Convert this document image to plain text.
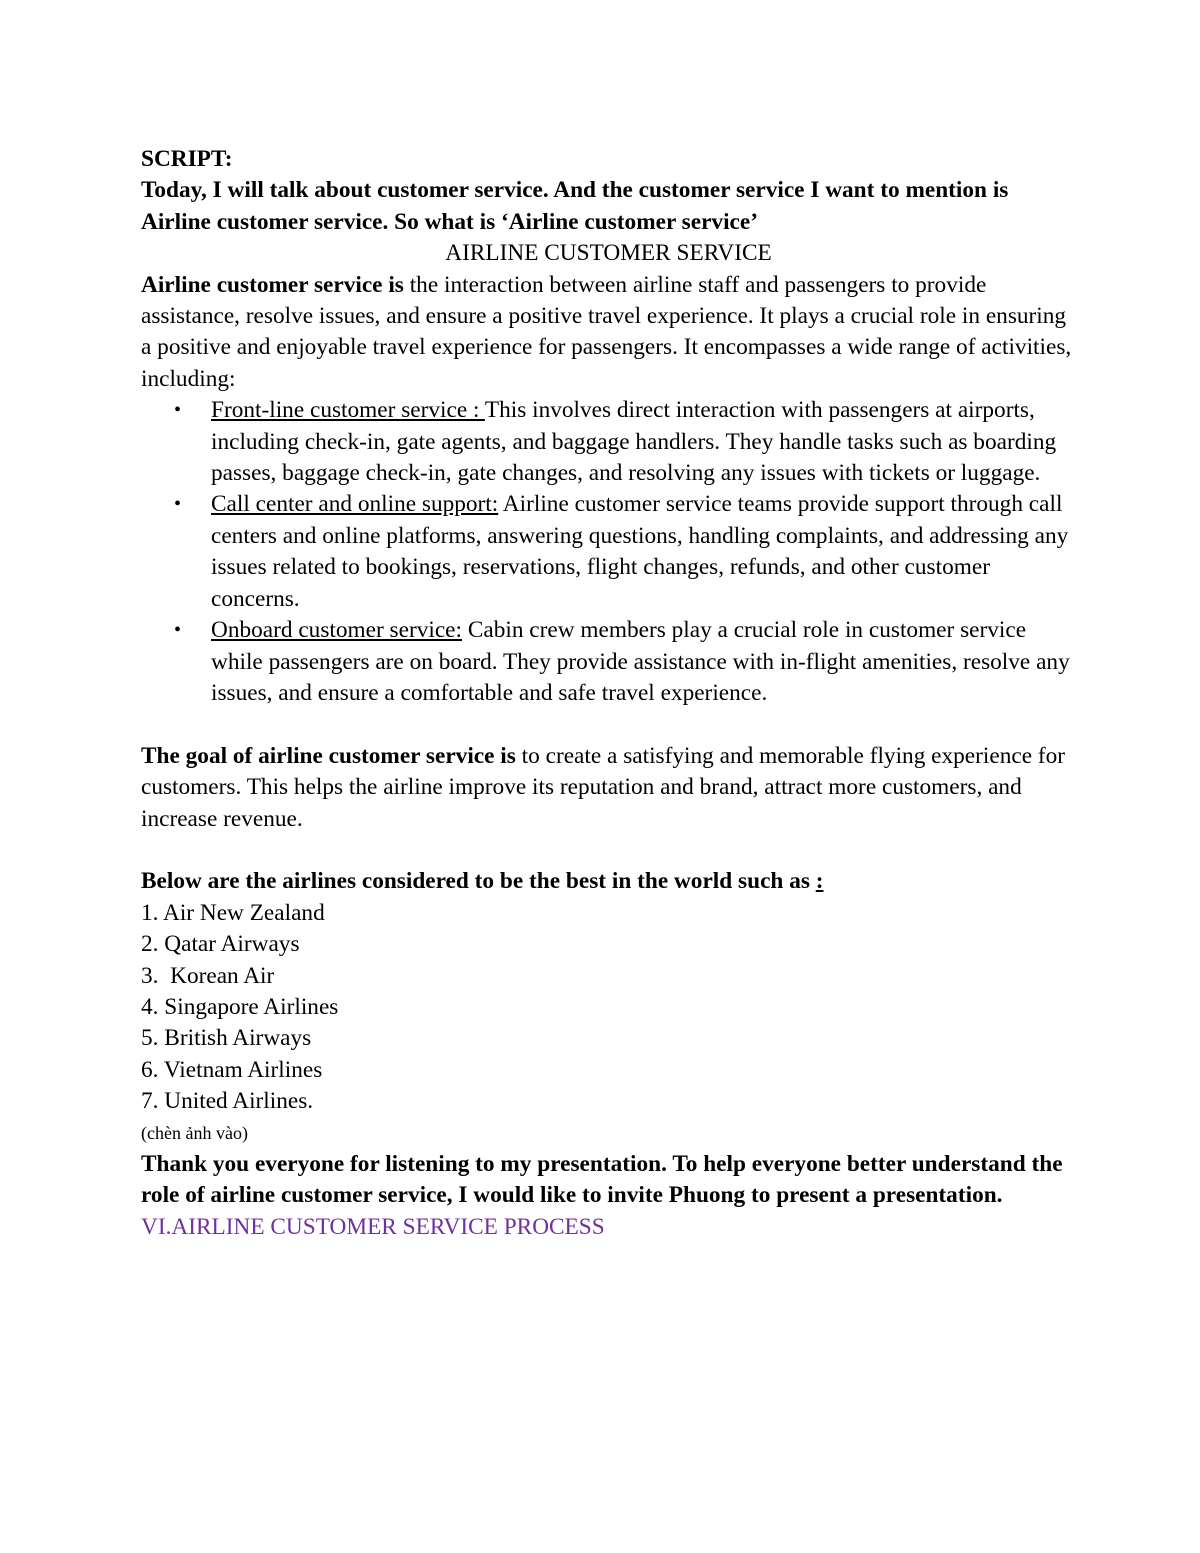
SCRIPT:

Today, I will talk about customer service. And the customer service I want to mention is Airline customer service. So what is ‘Airline customer service’

AIRLINE CUSTOMER SERVICE

Airline customer service is the interaction between airline staff and passengers to provide assistance, resolve issues, and ensure a positive travel experience. It plays a crucial role in ensuring a positive and enjoyable travel experience for passengers. It encompasses a wide range of activities, including:

• Front-line customer service : This involves direct interaction with passengers at airports, including check-in, gate agents, and baggage handlers. They handle tasks such as boarding passes, baggage check-in, gate changes, and resolving any issues with tickets or luggage.
• Call center and online support: Airline customer service teams provide support through call centers and online platforms, answering questions, handling complaints, and addressing any issues related to bookings, reservations, flight changes, refunds, and other customer concerns.
• Onboard customer service: Cabin crew members play a crucial role in customer service while passengers are on board. They provide assistance with in-flight amenities, resolve any issues, and ensure a comfortable and safe travel experience.

The goal of airline customer service is to create a satisfying and memorable flying experience for customers. This helps the airline improve its reputation and brand, attract more customers, and increase revenue.

Below are the airlines considered to be the best in the world such as :

1. Air New Zealand

2. Qatar Airways

3.  Korean Air

4. Singapore Airlines

5. British Airways

6. Vietnam Airlines

7. United Airlines.

(chèn ảnh vào)

Thank you everyone for listening to my presentation. To help everyone better understand the role of airline customer service, I would like to invite Phuong to present a presentation.

VI.AIRLINE CUSTOMER SERVICE PROCESS
